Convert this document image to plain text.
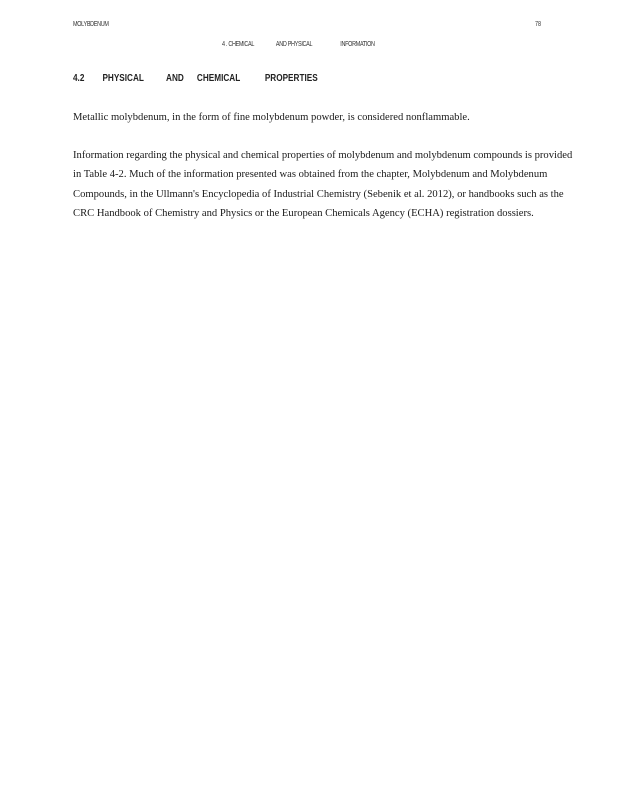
MOLYBDENUM	78
4 . CHEMICAL	AND PHYSICAL	INFORMATION
4.2 PHYSICAL AND CHEMICAL PROPERTIES

Metallic molybdenum, in the form of fine molybdenum powder, is considered nonflammable.

Information regarding the physical and chemical properties of molybdenum and molybdenum compounds is provided in Table 4-2. Much of the information presented was obtained from the chapter, Molybdenum and Molybdenum Compounds, in the Ullmann's Encyclopedia of Industrial Chemistry (Sebenik et al. 2012), or handbooks such as the CRC Handbook of Chemistry and Physics or the European Chemicals Agency (ECHA) registration dossiers.
